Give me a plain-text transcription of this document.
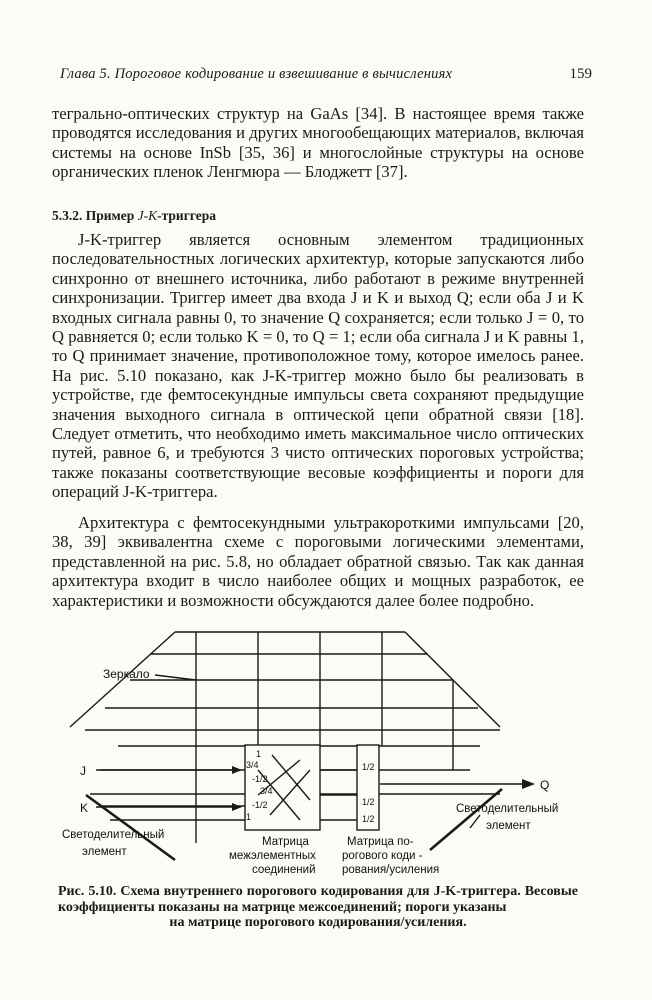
Глава 5. Пороговое кодирование и взвешивание в вычислениях	159

тегрально-оптических структур на GaAs [34]. В настоящее время также проводятся исследования и других многообещающих материалов, включая системы на основе InSb [35, 36] и многослойные структуры на основе органических пленок Ленгмюра — Блоджетт [37].

5.3.2. Пример J-K-триггера

J-K-триггер является основным элементом традиционных последовательностных логических архитектур, которые запускаются либо синхронно от внешнего источника, либо работают в режиме внутренней синхронизации. Триггер имеет два входа J и K и выход Q; если оба J и K входных сигнала равны 0, то значение Q сохраняется; если только J = 0, то Q равняется 0; если только K = 0, то Q = 1; если оба сигнала J и K равны 1, то Q принимает значение, противоположное тому, которое имелось ранее. На рис. 5.10 показано, как J-K-триггер можно было бы реализовать в устройстве, где фемтосекундные импульсы света сохраняют предыдущие значения выходного сигнала в оптической цепи обратной связи [18]. Следует отметить, что необходимо иметь максимальное число оптических путей, равное 6, и требуются 3 чисто оптических пороговых устройства; также показаны соответствующие весовые коэффициенты и пороги для операций J-K-триггера.

Архитектура с фемтосекундными ультракороткими импульсами [20, 38, 39] эквивалентна схеме с пороговыми логическими элементами, представленной на рис. 5.8, но обладает обратной связью. Так как данная архитектура входит в число наиболее общих и мощных разработок, ее характеристики и возможности обсуждаются далее более подробно.

Зеркало
J
K
Q
1
3/4
-1/2
3/4
-1/2
1
1/2
1/2
1/2
Светоделительный
элемент
Светоделительный
элемент
Матрица
межэлементных
соединений
Матрица по-
рогового коди -
рования/усиления
Рис. 5.10. Схема внутреннего порогового кодирования для J-K-триггера. Весовые коэффициенты показаны на матрице межсоединений; пороги указаны
на матрице порогового кодирования/усиления.
